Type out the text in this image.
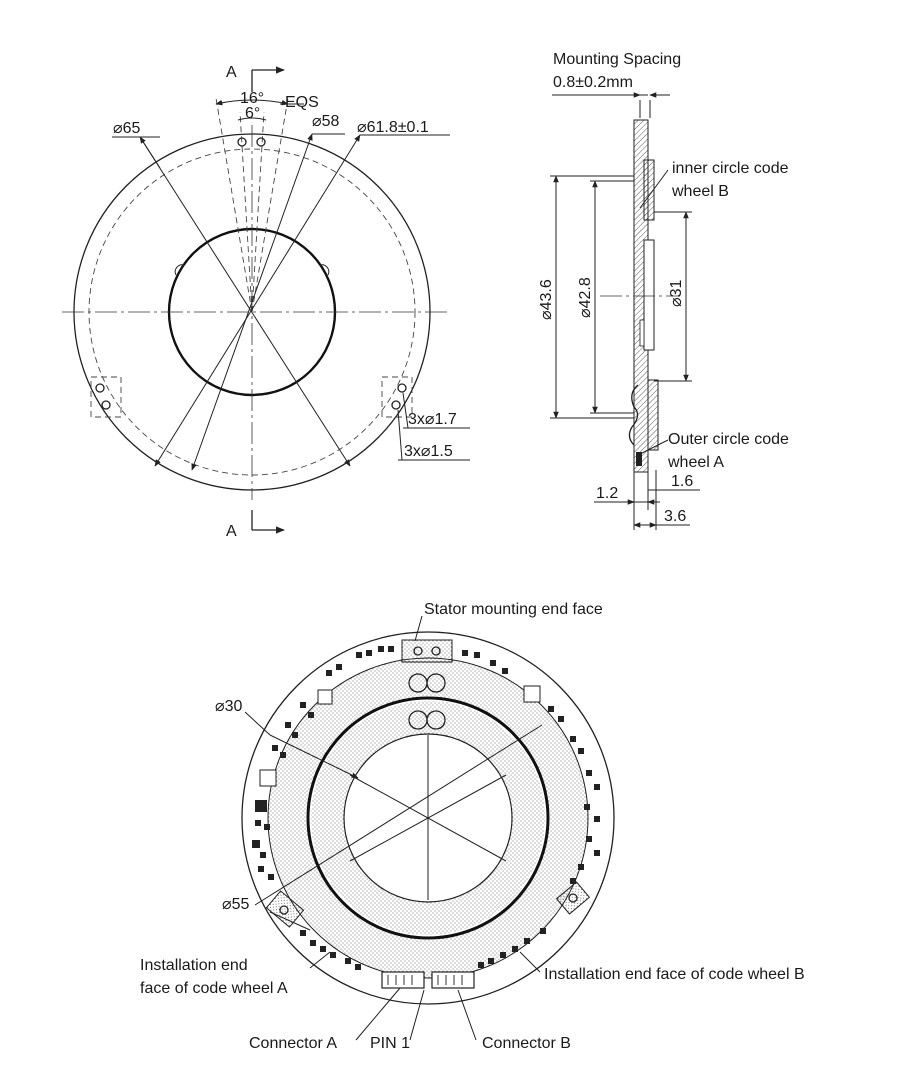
A
A
16°
6°
EQS
⌀65	⌀58 ⌀61.8±0.1
3x⌀1.7
3x⌀1.5
Mounting Spacing
0.8±0.2mm
inner circle code
wheel B
Outer circle code
wheel A
⌀43.6 ⌀42.8	⌀31
1.2
1.6
3.6
Stator mounting end face
⌀30
⌀55
Installation end
face of code wheel A
Installation end face of code wheel B
Connector A PIN 1	Connector B
